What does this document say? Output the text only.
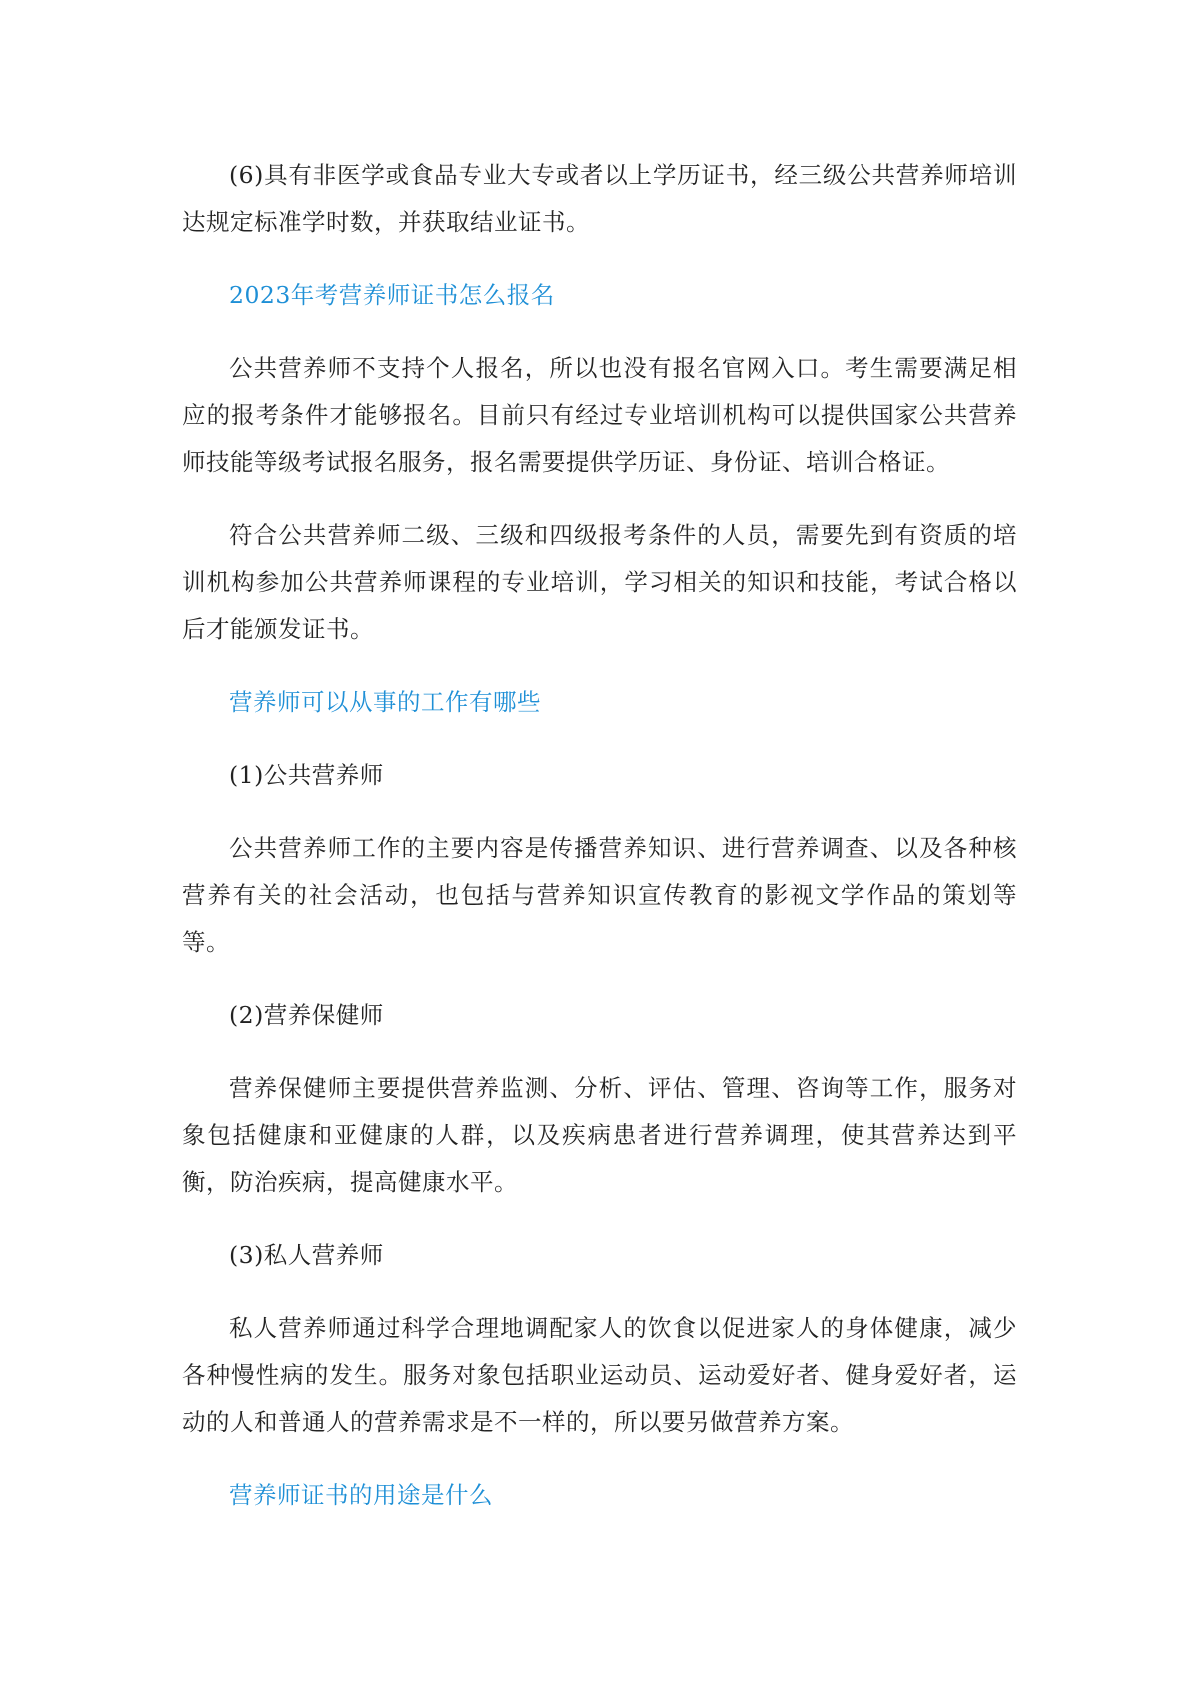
(6)具有非医学或食品专业大专或者以上学历证书，经三级公共营养师培训达规定标准学时数，并获取结业证书。

2023年考营养师证书怎么报名

公共营养师不支持个人报名，所以也没有报名官网入口。考生需要满足相应的报考条件才能够报名。目前只有经过专业培训机构可以提供国家公共营养师技能等级考试报名服务，报名需要提供学历证、身份证、培训合格证。

符合公共营养师二级、三级和四级报考条件的人员，需要先到有资质的培训机构参加公共营养师课程的专业培训，学习相关的知识和技能，考试合格以后才能颁发证书。

营养师可以从事的工作有哪些

(1)公共营养师

公共营养师工作的主要内容是传播营养知识、进行营养调查、以及各种核营养有关的社会活动，也包括与营养知识宣传教育的影视文学作品的策划等等。

(2)营养保健师

营养保健师主要提供营养监测、分析、评估、管理、咨询等工作，服务对象包括健康和亚健康的人群，以及疾病患者进行营养调理，使其营养达到平衡，防治疾病，提高健康水平。

(3)私人营养师

私人营养师通过科学合理地调配家人的饮食以促进家人的身体健康，减少各种慢性病的发生。服务对象包括职业运动员、运动爱好者、健身爱好者，运动的人和普通人的营养需求是不一样的，所以要另做营养方案。

营养师证书的用途是什么
